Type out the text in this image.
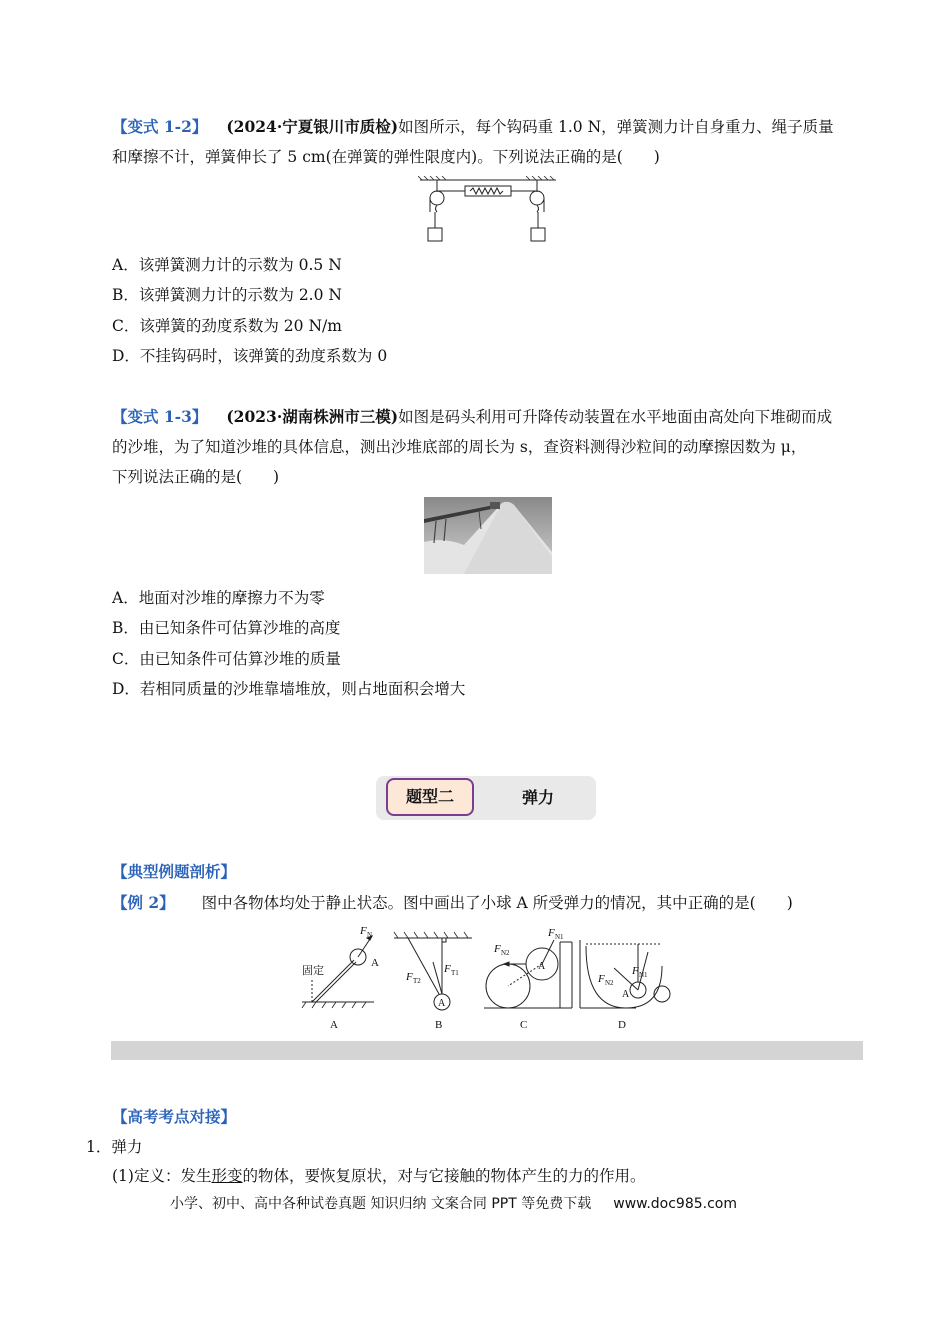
【变式 1-2】 (2024·宁夏银川市质检)如图所示，每个钩码重 1.0 N，弹簧测力计自身重力、绳子质量
和摩擦不计，弹簧伸长了 5 cm(在弹簧的弹性限度内)。下列说法正确的是(　　)
A．该弹簧测力计的示数为 0.5 N
B．该弹簧测力计的示数为 2.0 N
C．该弹簧的劲度系数为 20 N/m
D．不挂钩码时，该弹簧的劲度系数为 0
【变式 1-3】 (2023·湖南株洲市三模)如图是码头利用可升降传动装置在水平地面由高处向下堆砌而成
的沙堆，为了知道沙堆的具体信息，测出沙堆底部的周长为 s，查资料测得沙粒间的动摩擦因数为 μ，
下列说法正确的是(　　)
A．地面对沙堆的摩擦力不为零
B．由已知条件可估算沙堆的高度
C．由已知条件可估算沙堆的质量
D．若相同质量的沙堆靠墙堆放，则占地面积会增大
题型二	弹力
【典型例题剖析】
【例 2】 图中各物体均处于静止状态。图中画出了小球 A 所受弹力的情况，其中正确的是(　　)
固定
F N
A	F T1
F T2
A
F N1
F N2
A	F N1
F N2
A
A	B	C	D
【高考考点对接】
1．弹力
(1)定义：发生形变的物体，要恢复原状，对与它接触的物体产生的力的作用。
小学、初中、高中各种试卷真题 知识归纳 文案合同 PPT 等免费下载 www.doc985.com
